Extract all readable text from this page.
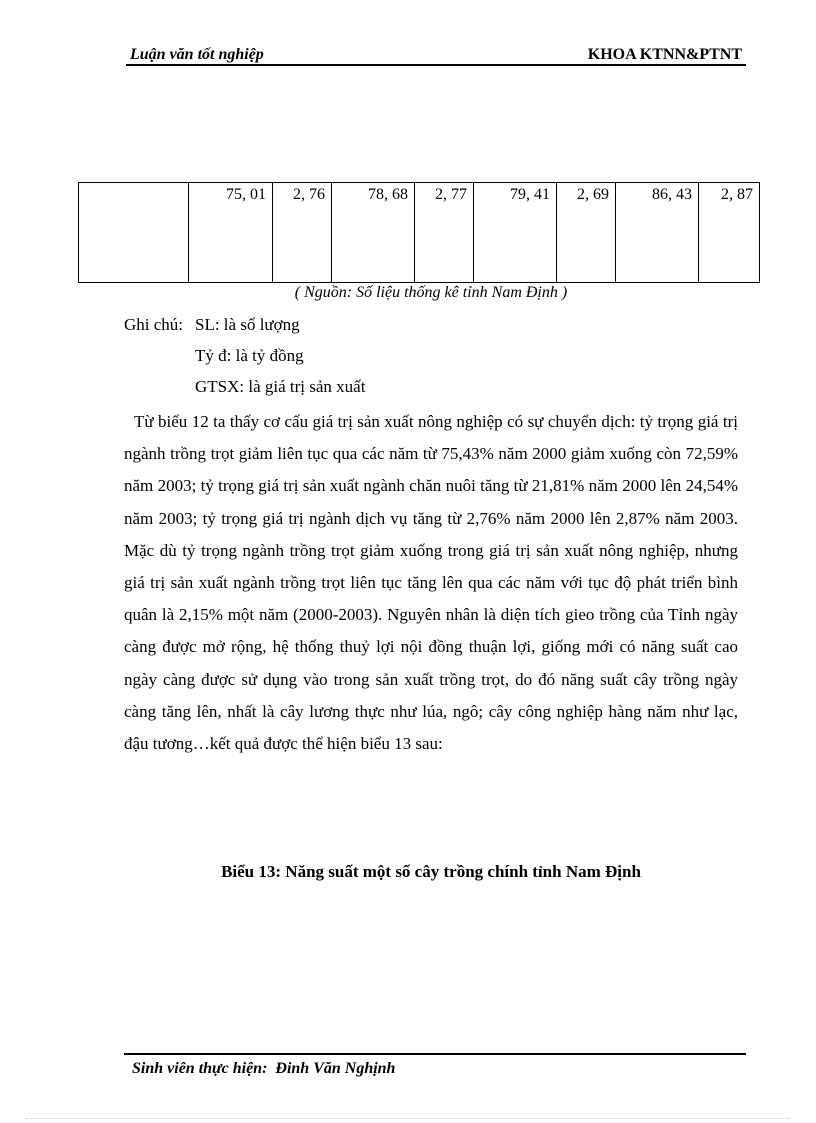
Luận văn tốt nghiệp	KHOA KTNN&PTNT
	75, 01	2, 76	78, 68	2, 77	79, 41	2, 69	86, 43	2, 87
( Nguồn: Số liệu thống kê tỉnh Nam Định )
Ghi chú: SL: là số lượng
Tỷ đ: là tỷ đồng
GTSX: là giá trị sản xuất
Từ biểu 12 ta thấy cơ cấu giá trị sản xuất nông nghiệp có sự chuyển dịch: tỷ trọng giá trị ngành trồng trọt giảm liên tục qua các năm từ 75,43% năm 2000 giảm xuống còn 72,59% năm 2003; tỷ trọng giá trị sản xuất ngành chăn nuôi tăng từ 21,81% năm 2000 lên 24,54% năm 2003; tỷ trọng giá trị ngành dịch vụ tăng từ 2,76% năm 2000 lên 2,87% năm 2003. Mặc dù tỷ trọng ngành trồng trọt giảm xuống trong giá trị sản xuất nông nghiệp, nhưng giá trị sản xuất ngành trồng trọt liên tục tăng lên qua các năm với tục độ phát triển bình quân là 2,15% một năm (2000-2003). Nguyên nhân là diện tích gieo trồng của Tỉnh ngày càng được mở rộng, hệ thống thuỷ lợi nội đồng thuận lợi, giống mới có năng suất cao ngày càng được sử dụng vào trong sản xuất trồng trọt, do đó năng suất cây trồng ngày càng tăng lên, nhất là cây lương thực như lúa, ngô; cây công nghiệp hàng năm như lạc, đậu tương…kết quả được thể hiện biểu 13 sau:
Biểu 13: Năng suất một số cây trồng chính tỉnh Nam Định
Sinh viên thực hiện: Đinh Văn Nghịnh
